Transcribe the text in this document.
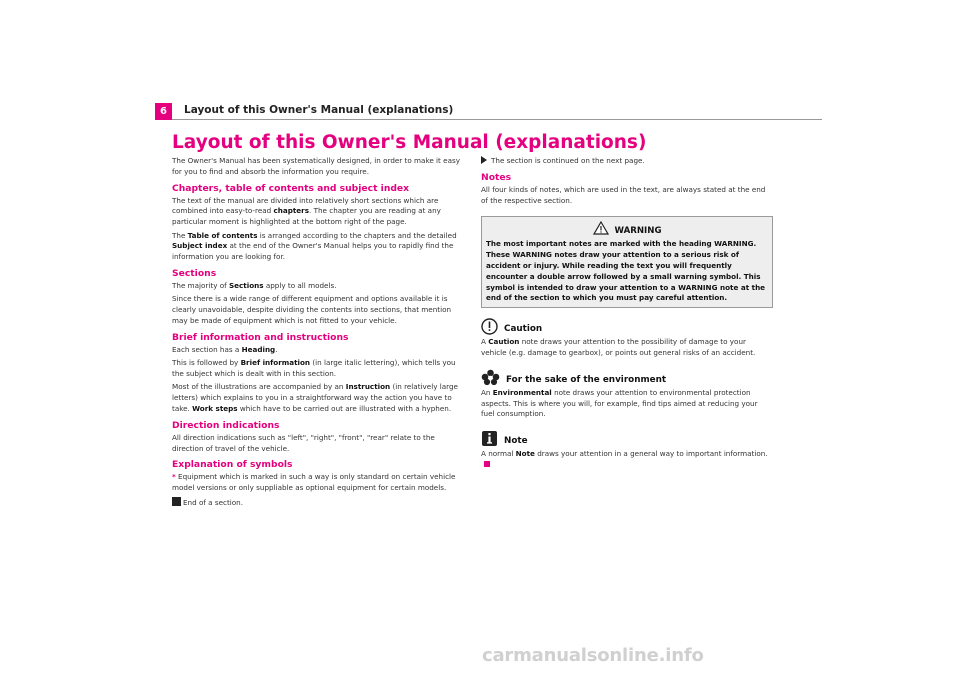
6	Layout of this Owner's Manual (explanations)
Layout of this Owner's Manual (explanations)

The Owner's Manual has been systematically designed, in order to make it easy for you to find and absorb the information you require.

Chapters, table of contents and subject index

The text of the manual are divided into relatively short sections which are combined into easy-to-read chapters. The chapter you are reading at any particular moment is highlighted at the bottom right of the page.

The Table of contents is arranged according to the chapters and the detailed Subject index at the end of the Owner's Manual helps you to rapidly find the information you are looking for.

Sections

The majority of Sections apply to all models.

Since there is a wide range of different equipment and options available it is clearly unavoidable, despite dividing the contents into sections, that mention may be made of equipment which is not fitted to your vehicle.

Brief information and instructions

Each section has a Heading.

This is followed by Brief information (in large italic lettering), which tells you the subject which is dealt with in this section.

Most of the illustrations are accompanied by an Instruction (in relatively large letters) which explains to you in a straightforward way the action you have to take. Work steps which have to be carried out are illustrated with a hyphen.

Direction indications

All direction indications such as "left", "right", "front", "rear" relate to the direction of travel of the vehicle.

Explanation of symbols

* Equipment which is marked in such a way is only standard on certain vehicle model versions or only suppliable as optional equipment for certain models.

End of a section.

The section is continued on the next page.

Notes

All four kinds of notes, which are used in the text, are always stated at the end of the respective section.

WARNING
The most important notes are marked with the heading WARNING. These WARNING notes draw your attention to a serious risk of accident or injury. While reading the text you will frequently encounter a double arrow followed by a small warning symbol. This symbol is intended to draw your attention to a WARNING note at the end of the section to which you must pay careful attention.
Caution

A Caution note draws your attention to the possibility of damage to your vehicle (e.g. damage to gearbox), or points out general risks of an accident.

For the sake of the environment

An Environmental note draws your attention to environmental protection aspects. This is where you will, for example, find tips aimed at reducing your fuel consumption.

Note

A normal Note draws your attention in a general way to important information.

carmanualsonline.info
